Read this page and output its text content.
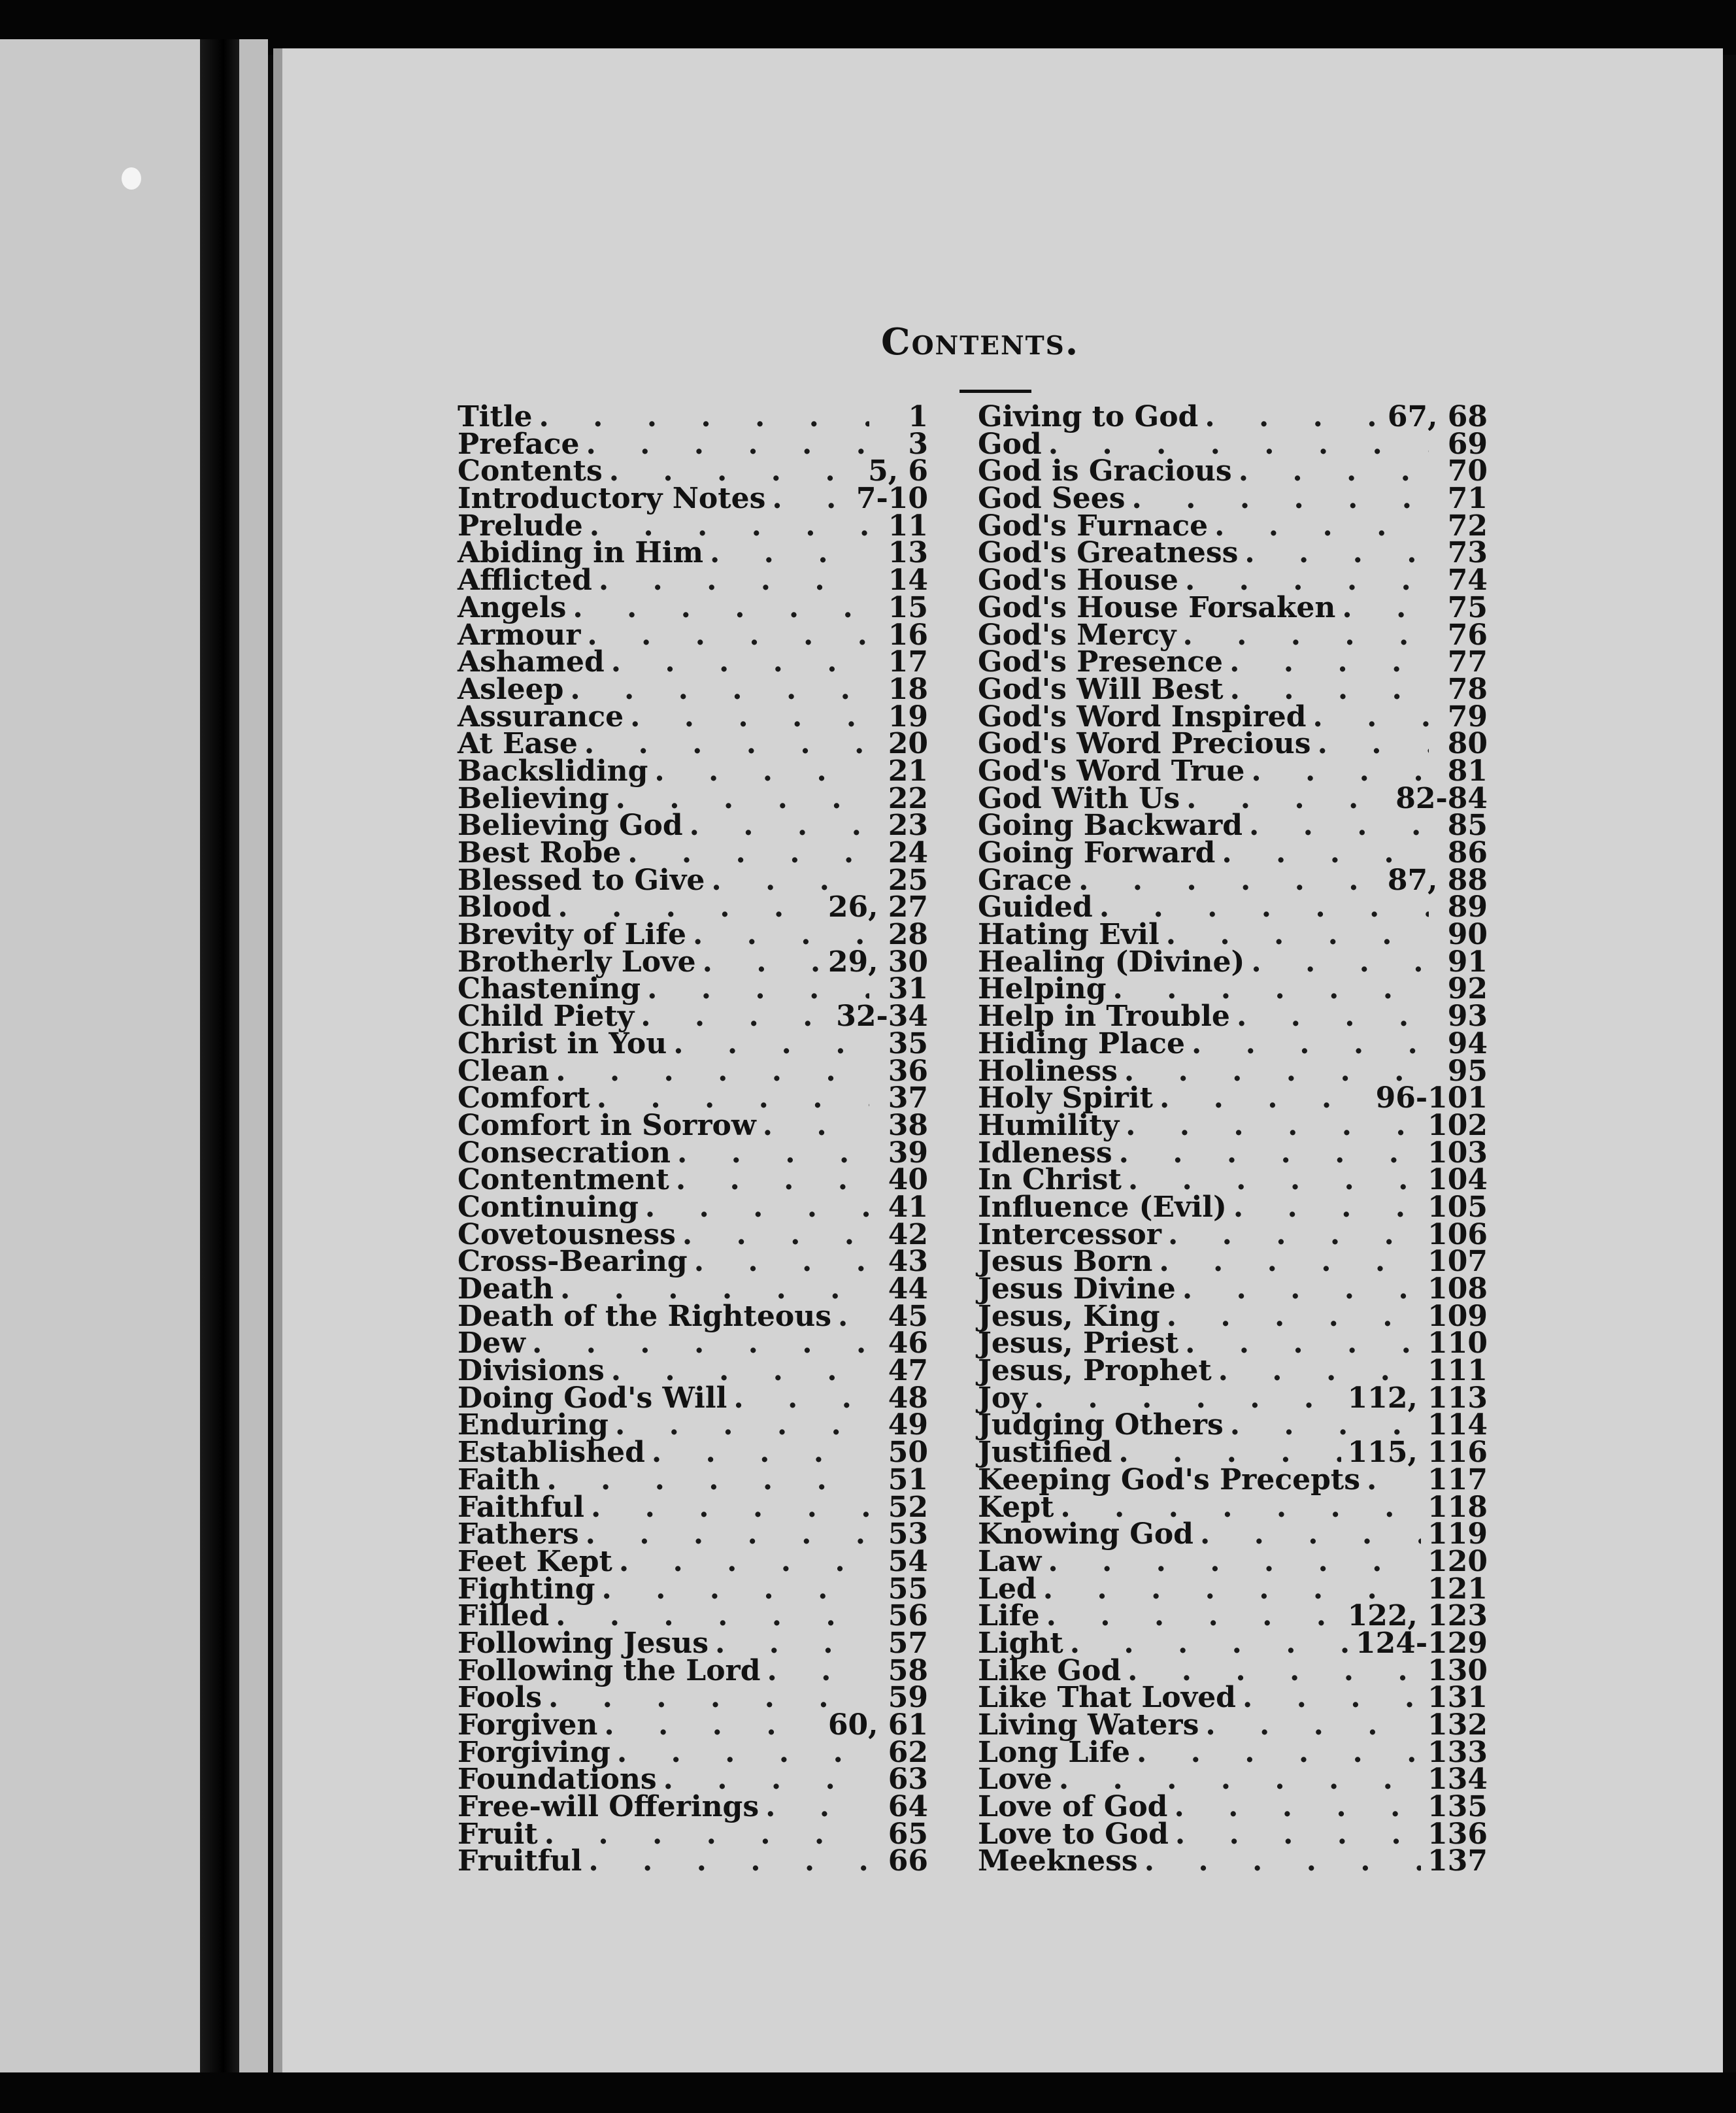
Contents.
Title . . .	1
Preface . . .	3
Contents . . .	5, 6
Introductory Notes . . .	7-10
Prelude . . .	11
Abiding in Him . . .	13
Afflicted . . .	14
Angels . . .	15
Armour . . .	16
Ashamed . . .	17
Asleep . . .	18
Assurance . . .	19
At Ease . . .	20
Backsliding . . .	21
Believing . . .	22
Believing God . . .	23
Best Robe . . .	24
Blessed to Give . . .	25
Blood . . .	26, 27
Brevity of Life . . .	28
Brotherly Love . . .	29, 30
Chastening . . .	31
Child Piety . . .	32-34
Christ in You . . .	35
Clean . . .	36
Comfort . . .	37
Comfort in Sorrow . . .	38
Consecration . . .	39
Contentment . . .	40
Continuing . . .	41
Covetousness . . .	42
Cross-Bearing . . .	43
Death . . .	44
Death of the Righteous . . .	45
Dew . . .	46
Divisions . . .	47
Doing God's Will . . .	48
Enduring . . .	49
Established . . .	50
Faith . . .	51
Faithful . . .	52
Fathers . . .	53
Feet Kept . . .	54
Fighting . . .	55
Filled . . .	56
Following Jesus . . .	57
Following the Lord . . .	58
Fools . . .	59
Forgiven . . .	60, 61
Forgiving . . .	62
Foundations . . .	63
Free-will Offerings . . .	64
Fruit . . .	65
Fruitful . . .	66
Giving to God . . .	67, 68
God . . .	69
God is Gracious . . .	70
God Sees . . .	71
God's Furnace . . .	72
God's Greatness . . .	73
God's House . . .	74
God's House Forsaken . . .	75
God's Mercy . . .	76
God's Presence . . .	77
God's Will Best . . .	78
God's Word Inspired . . .	79
God's Word Precious . . .	80
God's Word True . . .	81
God With Us . . .	82-84
Going Backward . . .	85
Going Forward . . .	86
Grace . . .	87, 88
Guided . . .	89
Hating Evil . . .	90
Healing (Divine) . . .	91
Helping . . .	92
Help in Trouble . . .	93
Hiding Place . . .	94
Holiness . . .	95
Holy Spirit . . .	96-101
Humility . . .	102
Idleness . . .	103
In Christ . . .	104
Influence (Evil) . . .	105
Intercessor . . .	106
Jesus Born . . .	107
Jesus Divine . . .	108
Jesus, King . . .	109
Jesus, Priest . . .	110
Jesus, Prophet . . .	111
Joy . . .	112, 113
Judging Others . . .	114
Justified . . .	115, 116
Keeping God's Precepts . . . 117
Kept . . .	118
Knowing God . . .	119
Law . . .	120
Led . . .	121
Life . . .	122, 123
Light . . .	124-129
Like God . . .	130
Like That Loved . . .	131
Living Waters . . .	132
Long Life . . .	133
Love . . .	134
Love of God . . .	135
Love to God . . .	136
Meekness . . .	137
